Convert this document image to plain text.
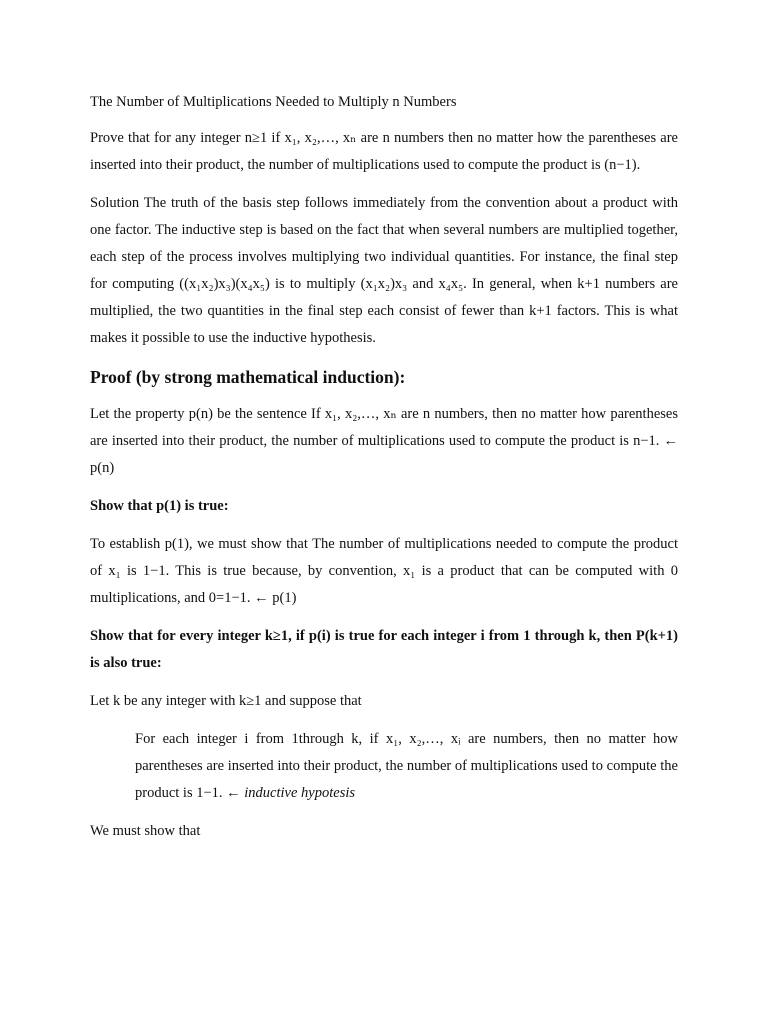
The Number of Multiplications Needed to Multiply n Numbers

Prove that for any integer n≥1 if x₁, x₂,…, xₙ are n numbers then no matter how the parentheses are inserted into their product, the number of multiplications used to compute the product is (n−1).

Solution The truth of the basis step follows immediately from the convention about a product with one factor. The inductive step is based on the fact that when several numbers are multiplied together, each step of the process involves multiplying two individual quantities. For instance, the final step for computing ((x₁x₂)x₃)(x₄x₅) is to multiply (x₁x₂)x₃ and x₄x₅. In general, when k+1 numbers are multiplied, the two quantities in the final step each consist of fewer than k+1 factors. This is what makes it possible to use the inductive hypothesis.

Proof (by strong mathematical induction):

Let the property p(n) be the sentence If x₁, x₂,…, xₙ are n numbers, then no matter how parentheses are inserted into their product, the number of multiplications used to compute the product is n−1. ← p(n)

Show that p(1) is true:

To establish p(1), we must show that The number of multiplications needed to compute the product of x₁ is 1−1. This is true because, by convention, x₁ is a product that can be computed with 0 multiplications, and 0=1−1. ← p(1)

Show that for every integer k≥1, if p(i) is true for each integer i from 1 through k, then P(k+1) is also true:

Let k be any integer with k≥1 and suppose that

For each integer i from 1through k, if x₁, x₂,…, xᵢ are numbers, then no matter how parentheses are inserted into their product, the number of multiplications used to compute the product is 1−1. ← inductive hypotesis

We must show that
